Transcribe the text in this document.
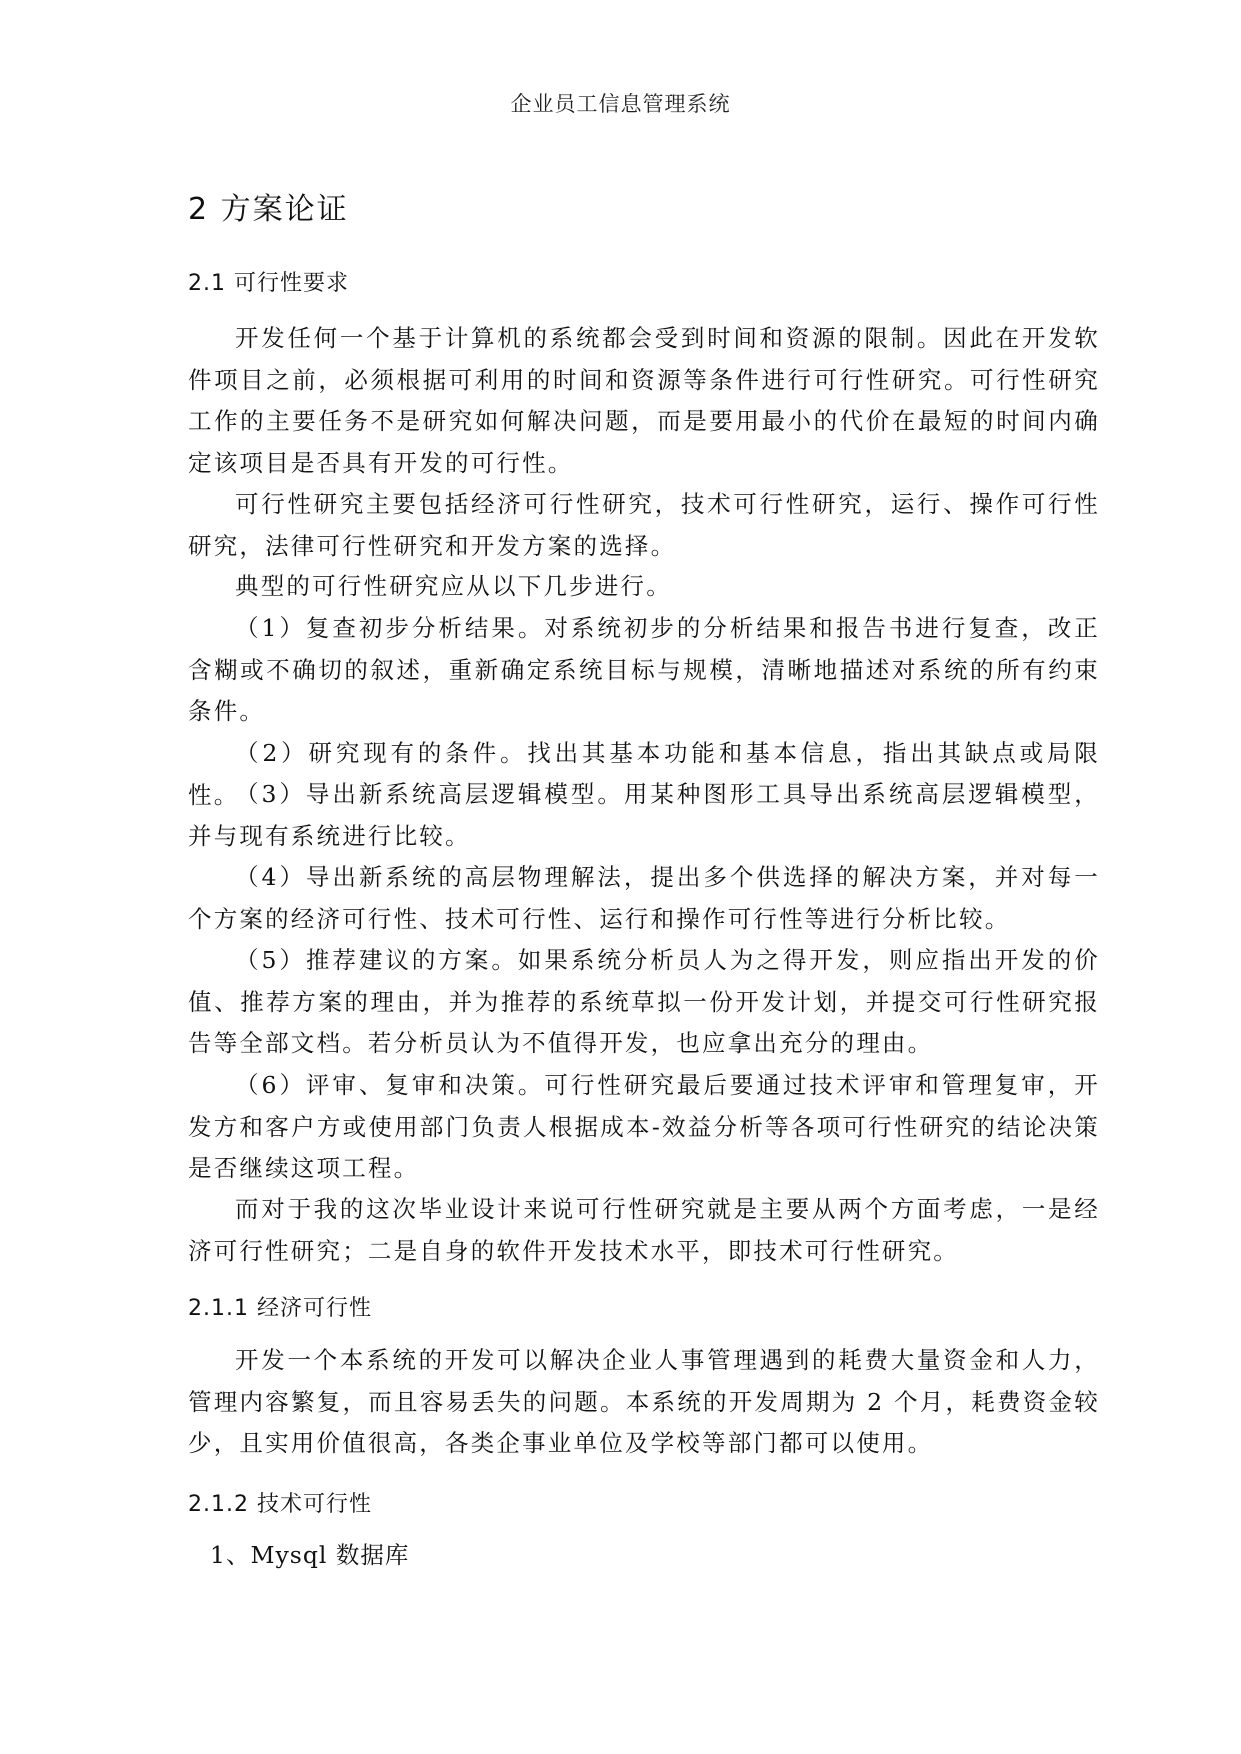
企业员工信息管理系统
2 方案论证
2.1 可行性要求

开发任何一个基于计算机的系统都会受到时间和资源的限制。因此在开发软件项目之前，必须根据可利用的时间和资源等条件进行可行性研究。可行性研究工作的主要任务不是研究如何解决问题，而是要用最小的代价在最短的时间内确定该项目是否具有开发的可行性。

可行性研究主要包括经济可行性研究，技术可行性研究，运行、操作可行性研究，法律可行性研究和开发方案的选择。

典型的可行性研究应从以下几步进行。

（1）复查初步分析结果。对系统初步的分析结果和报告书进行复查，改正含糊或不确切的叙述，重新确定系统目标与规模，清晰地描述对系统的所有约束条件。

（2）研究现有的条件。找出其基本功能和基本信息，指出其缺点或局限性。

（3）导出新系统高层逻辑模型。用某种图形工具导出系统高层逻辑模型，并与现有系统进行比较。

（4）导出新系统的高层物理解法，提出多个供选择的解决方案，并对每一个方案的经济可行性、技术可行性、运行和操作可行性等进行分析比较。

（5）推荐建议的方案。如果系统分析员人为之得开发，则应指出开发的价值、推荐方案的理由，并为推荐的系统草拟一份开发计划，并提交可行性研究报告等全部文档。若分析员认为不值得开发，也应拿出充分的理由。

（6）评审、复审和决策。可行性研究最后要通过技术评审和管理复审，开发方和客户方或使用部门负责人根据成本-效益分析等各项可行性研究的结论决策是否继续这项工程。

而对于我的这次毕业设计来说可行性研究就是主要从两个方面考虑，一是经济可行性研究；二是自身的软件开发技术水平，即技术可行性研究。

2.1.1 经济可行性

开发一个本系统的开发可以解决企业人事管理遇到的耗费大量资金和人力，管理内容繁复，而且容易丢失的问题。本系统的开发周期为 2 个月，耗费资金较少，且实用价值很高，各类企事业单位及学校等部门都可以使用。

2.1.2 技术可行性
1、Mysql 数据库
